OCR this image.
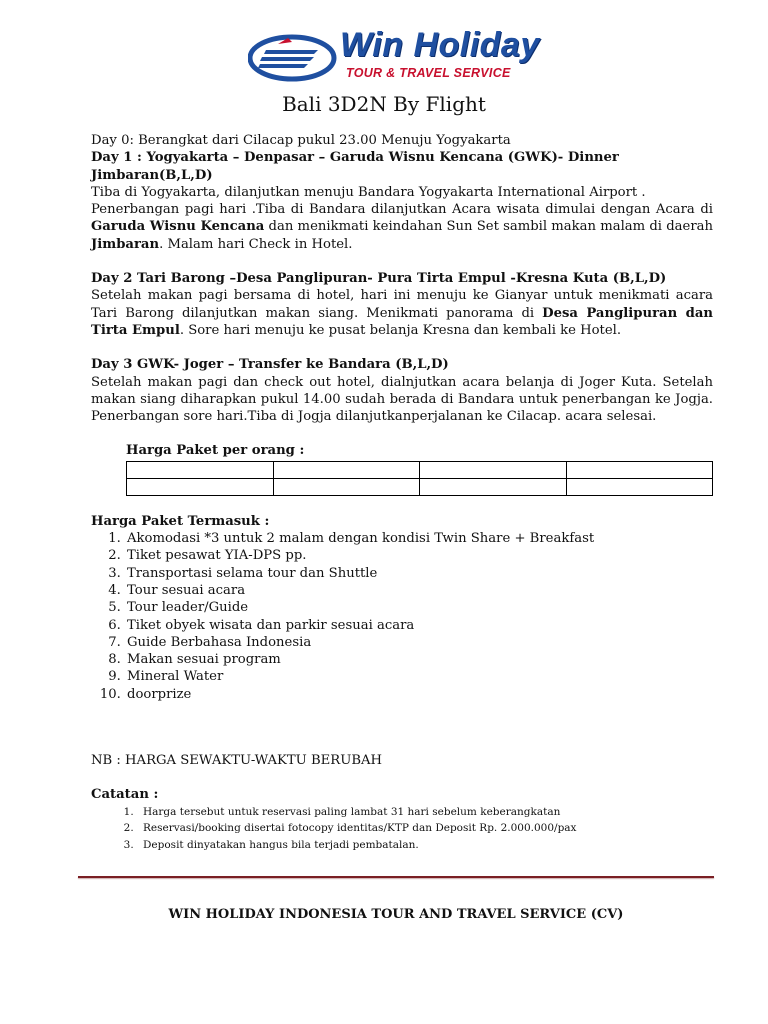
Win Holiday
TOUR & TRAVEL SERVICE
Bali 3D2N By Flight

Day 0: Berangkat dari Cilacap pukul 23.00 Menuju Yogyakarta

Day 1 : Yogyakarta – Denpasar – Garuda Wisnu Kencana (GWK)- Dinner Jimbaran(B,L,D)

Tiba di Yogyakarta, dilanjutkan menuju Bandara Yogyakarta International Airport .

Penerbangan pagi hari .Tiba di Bandara dilanjutkan Acara wisata dimulai dengan Acara di Garuda Wisnu Kencana dan menikmati keindahan Sun Set sambil makan malam di daerah Jimbaran. Malam hari Check in Hotel.

Day 2 Tari Barong –Desa Panglipuran- Pura Tirta Empul -Kresna Kuta (B,L,D)

Setelah makan pagi bersama di hotel, hari ini menuju ke Gianyar untuk menikmati acara Tari Barong dilanjutkan makan siang. Menikmati panorama di Desa Panglipuran dan Tirta Empul. Sore hari menuju ke pusat belanja Kresna dan kembali ke Hotel.

Day 3 GWK- Joger – Transfer ke Bandara (B,L,D)

Setelah makan pagi dan check out hotel, dialnjutkan acara belanja di Joger Kuta. Setelah makan siang diharapkan pukul 14.00 sudah berada di Bandara untuk penerbangan ke Jogja. Penerbangan sore hari.Tiba di Jogja dilanjutkanperjalanan ke Cilacap. acara selesai.

Harga Paket per orang :

Harga Paket Termasuk :

1. Akomodasi *3 untuk 2 malam dengan kondisi Twin Share + Breakfast
2. Tiket pesawat YIA-DPS pp.
3. Transportasi selama tour dan Shuttle
4. Tour sesuai acara
5. Tour leader/Guide
6. Tiket obyek wisata dan parkir sesuai acara
7. Guide Berbahasa Indonesia
8. Makan sesuai program
9. Mineral Water
10. doorprize

NB : HARGA SEWAKTU-WAKTU BERUBAH

Catatan :

1. Harga tersebut untuk reservasi paling lambat 31 hari sebelum keberangkatan
2. Reservasi/booking disertai fotocopy identitas/KTP dan Deposit Rp. 2.000.000/pax
3. Deposit dinyatakan hangus bila terjadi pembatalan.
WIN HOLIDAY INDONESIA TOUR AND TRAVEL SERVICE (CV)
